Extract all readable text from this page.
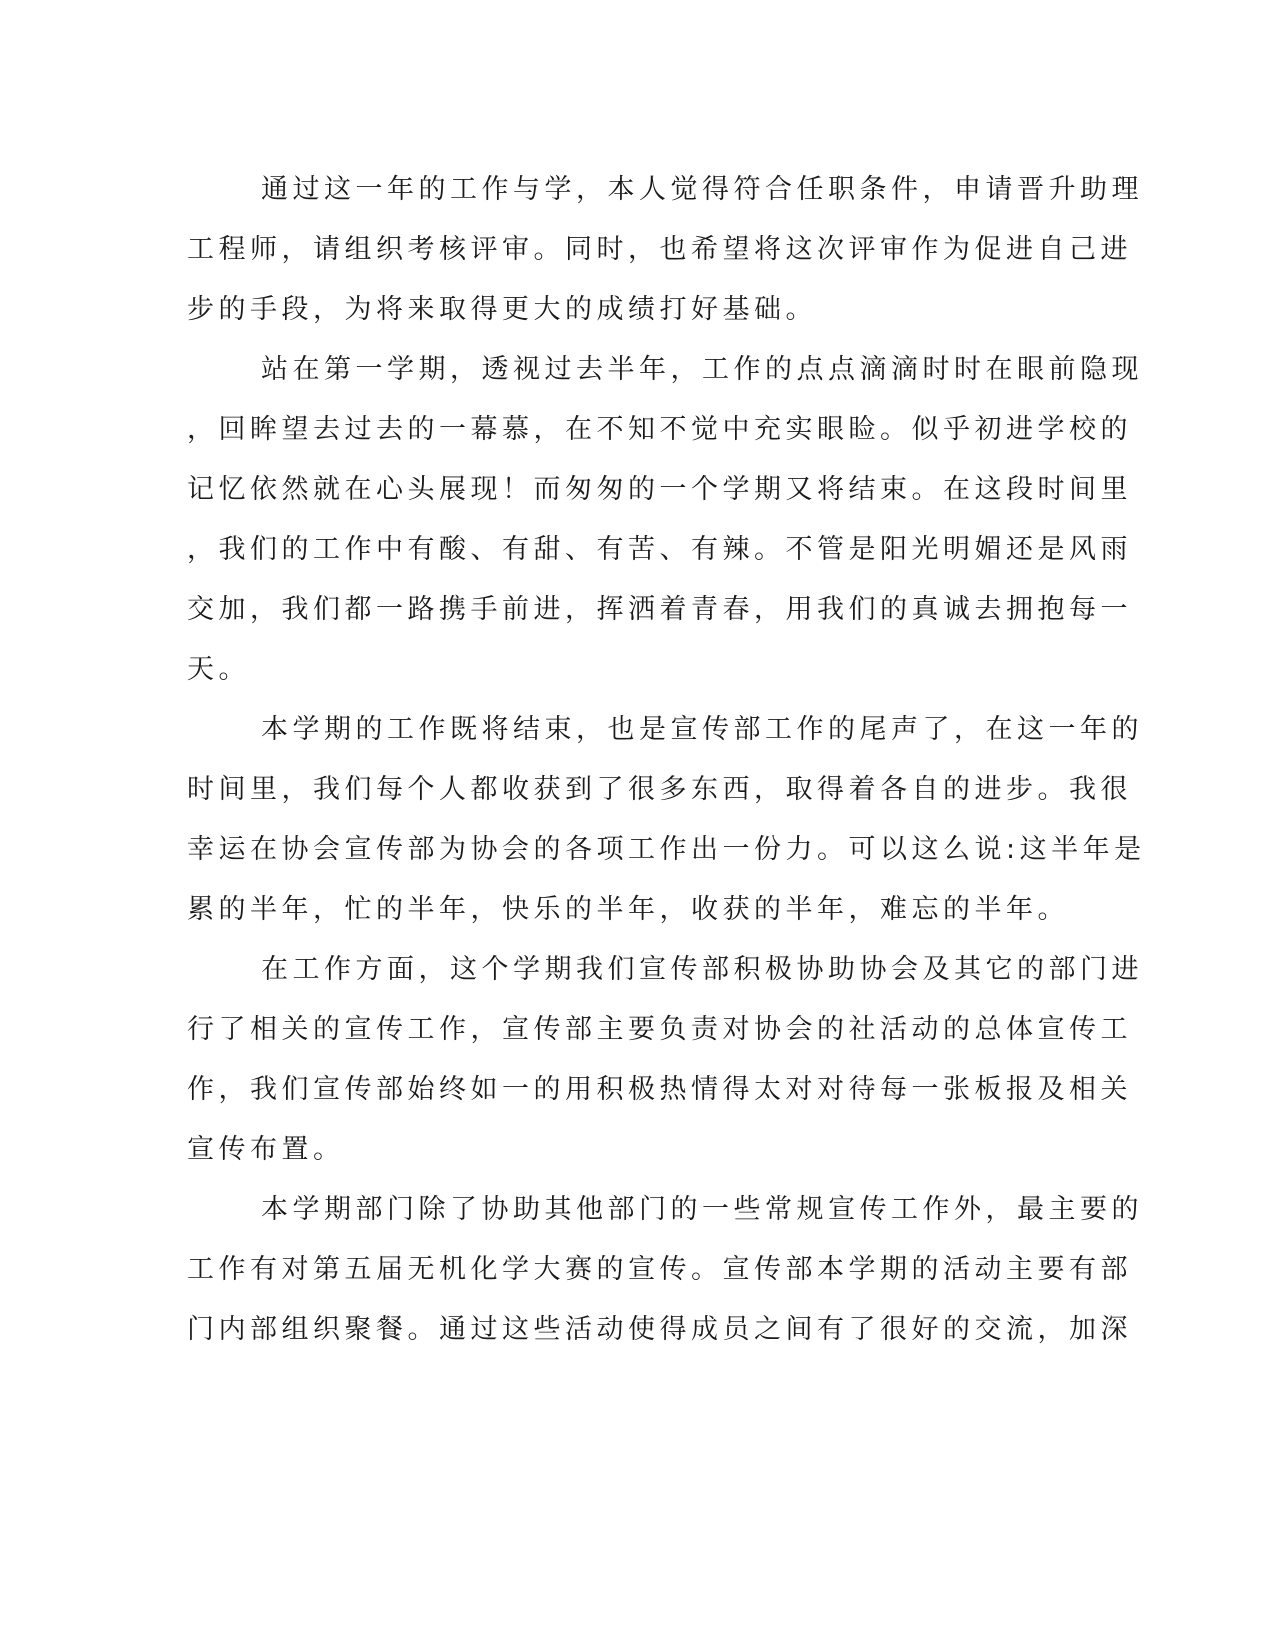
通过这一年的工作与学，本人觉得符合任职条件，申请晋升助理
工程师，请组织考核评审。同时，也希望将这次评审作为促进自己进
步的手段，为将来取得更大的成绩打好基础。
站在第一学期，透视过去半年，工作的点点滴滴时时在眼前隐现
，回眸望去过去的一幕慕，在不知不觉中充实眼睑。似乎初进学校的
记忆依然就在心头展现！而匆匆的一个学期又将结束。在这段时间里
，我们的工作中有酸、有甜、有苦、有辣。不管是阳光明媚还是风雨
交加，我们都一路携手前进，挥洒着青春，用我们的真诚去拥抱每一
天。
本学期的工作既将结束，也是宣传部工作的尾声了，在这一年的
时间里，我们每个人都收获到了很多东西，取得着各自的进步。我很
幸运在协会宣传部为协会的各项工作出一份力。可以这么说:这半年是
累的半年，忙的半年，快乐的半年，收获的半年，难忘的半年。
在工作方面，这个学期我们宣传部积极协助协会及其它的部门进
行了相关的宣传工作，宣传部主要负责对协会的社活动的总体宣传工
作，我们宣传部始终如一的用积极热情得太对对待每一张板报及相关
宣传布置。
本学期部门除了协助其他部门的一些常规宣传工作外，最主要的
工作有对第五届无机化学大赛的宣传。宣传部本学期的活动主要有部
门内部组织聚餐。通过这些活动使得成员之间有了很好的交流，加深
